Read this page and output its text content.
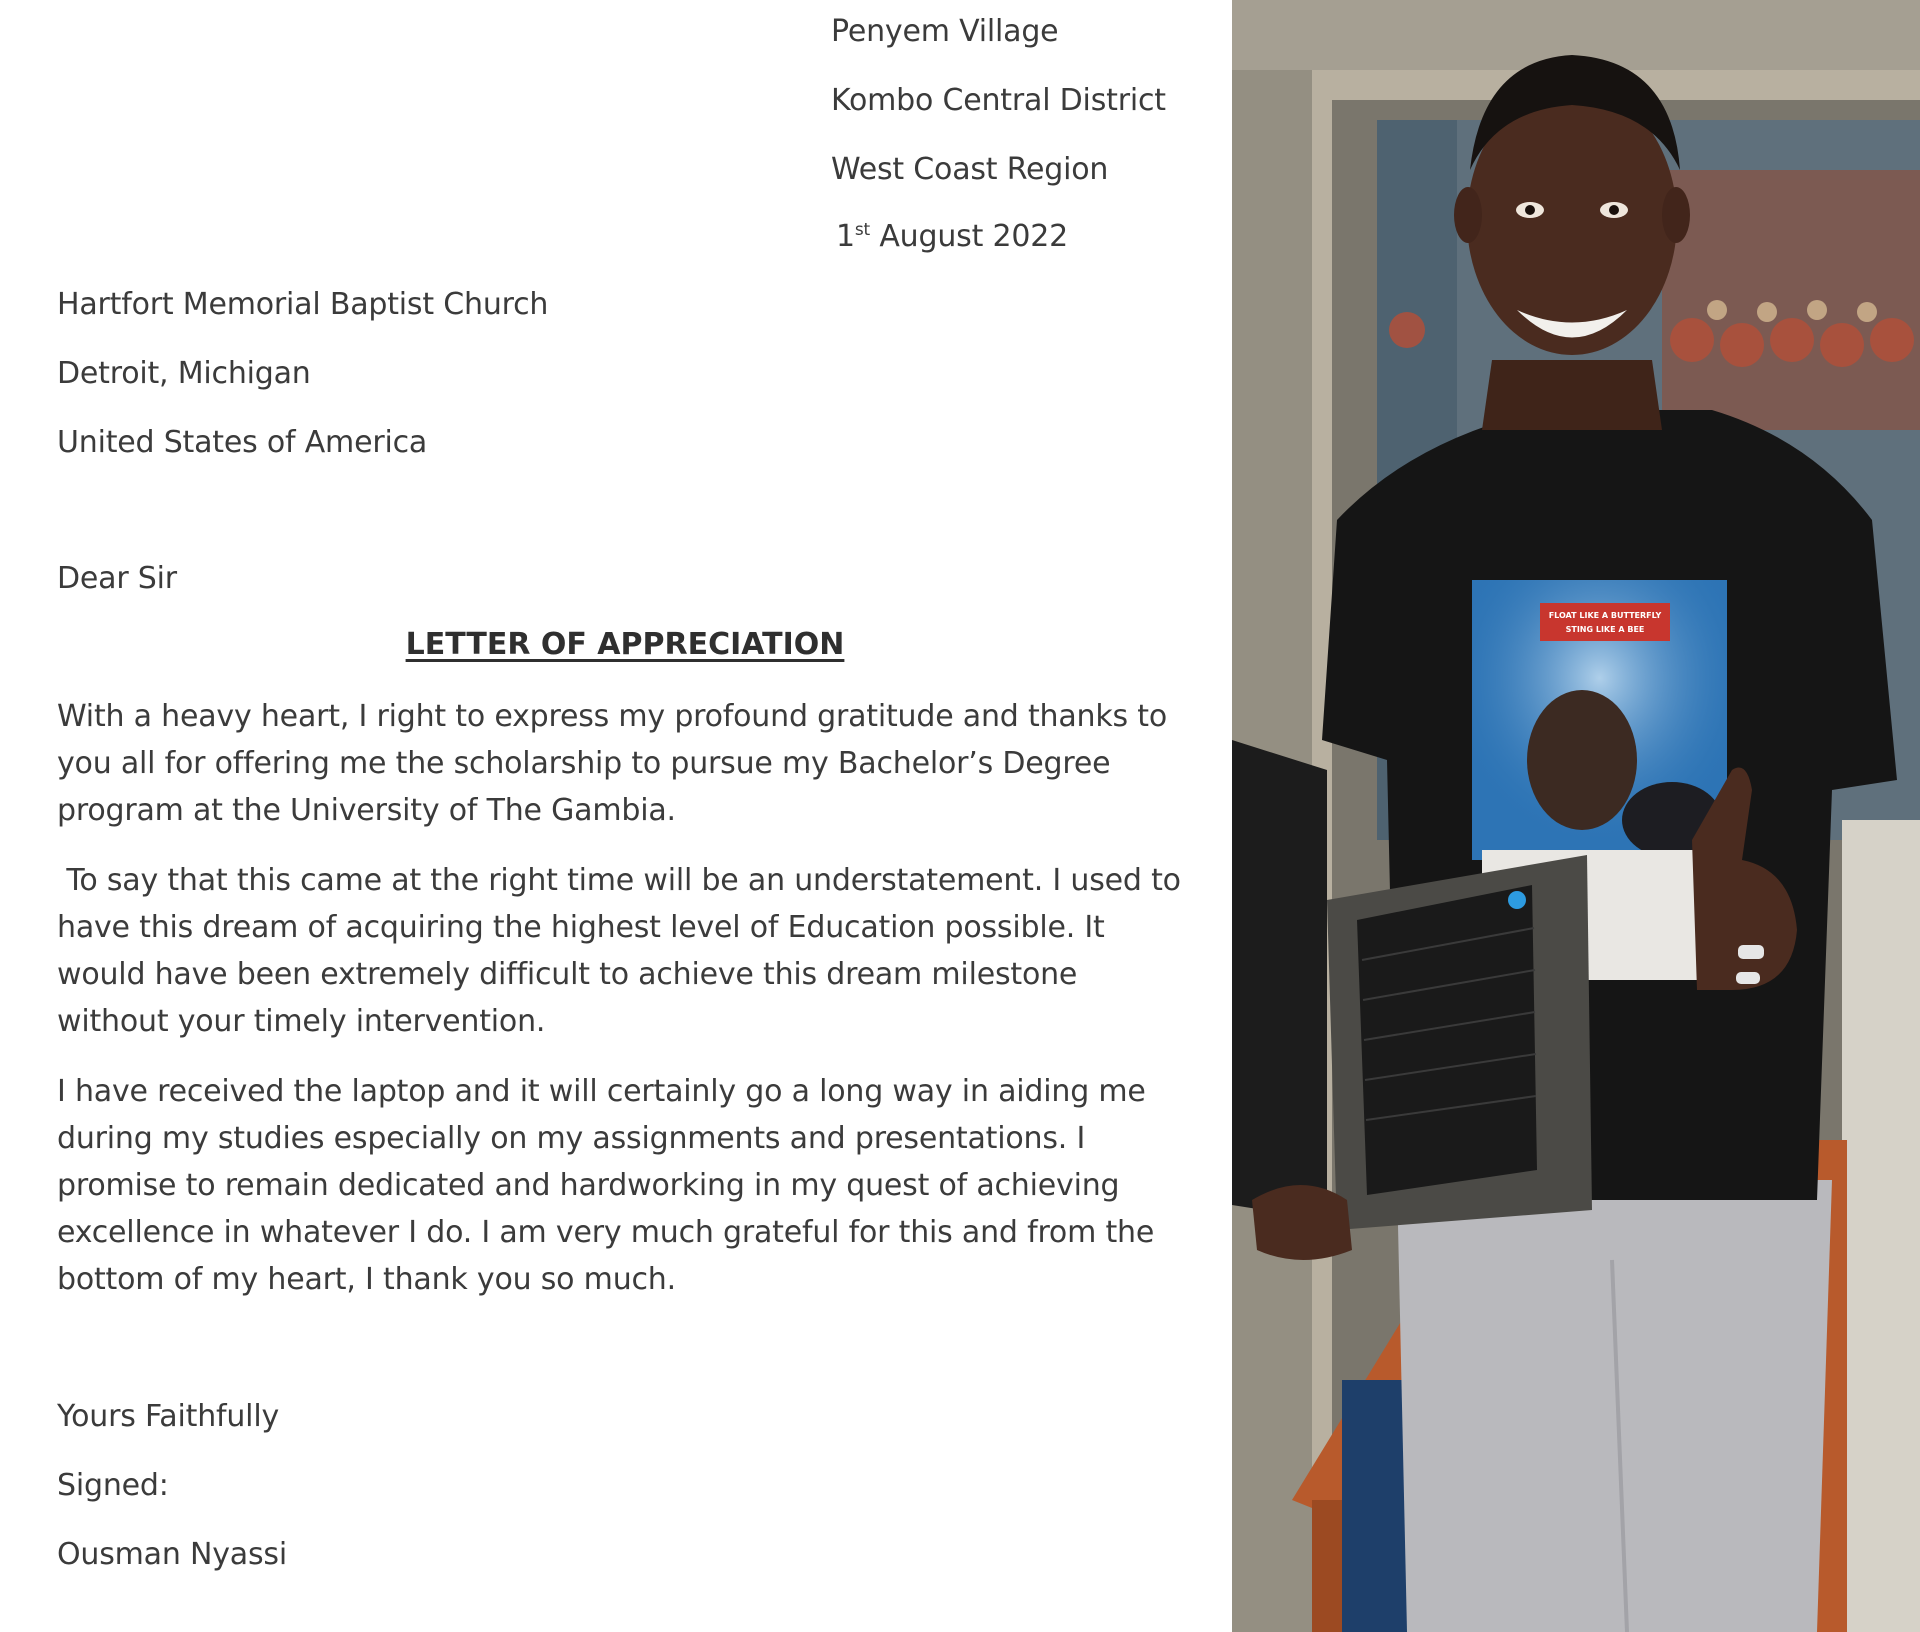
Penyem Village
Kombo Central District
West Coast Region
1st August 2022
Hartfort Memorial Baptist Church
Detroit, Michigan
United States of America
Dear Sir
LETTER OF APPRECIATION
With a heavy heart, I right to express my profound gratitude and thanks to
you all for offering me the scholarship to pursue my Bachelor’s Degree
program at the University of The Gambia.
To say that this came at the right time will be an understatement. I used to
have this dream of acquiring the highest level of Education possible. It
would have been extremely difficult to achieve this dream milestone
without your timely intervention.
I have received the laptop and it will certainly go a long way in aiding me
during my studies especially on my assignments and presentations. I
promise to remain dedicated and hardworking in my quest of achieving
excellence in whatever I do. I am very much grateful for this and from the
bottom of my heart, I thank you so much.
Yours Faithfully
Signed:
Ousman Nyassi
FLOAT LIKE A BUTTERFLY
STING LIKE A BEE
